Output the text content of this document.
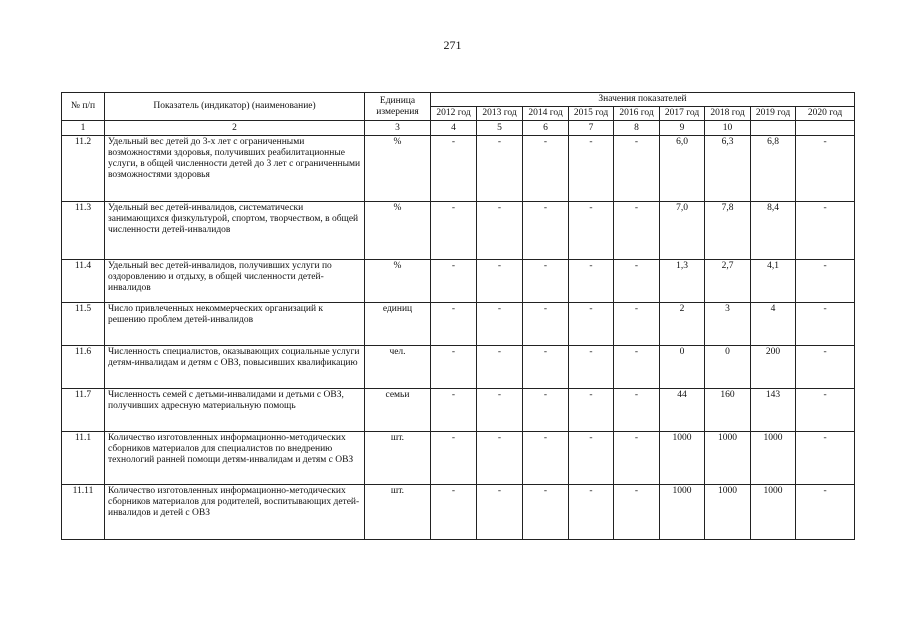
271
№ п/п	Показатель (индикатор) (наименование)	Единица измерения	Значения показателей								
			2012 год	2013 год	2014 год	2015 год	2016 год	2017 год	2018 год	2019 год	2020 год
1	2	3	4	5	6	7	8	9	10		
11.2	Удельный вес детей до 3-х лет с ограниченными возможностями здоровья, получивших реабилитационные услуги, в общей численности детей до 3 лет с ограниченными возможностями здоровья	%	-	-	-	-	-	6,0	6,3	6,8	-
11.3	Удельный вес детей-инвалидов, систематически занимающихся физкультурой, спортом, творчеством, в общей численности детей-инвалидов	%	-	-	-	-	-	7,0	7,8	8,4	-
11.4	Удельный вес детей-инвалидов, получивших услуги по оздоровлению и отдыху, в общей численности детей-инвалидов	%	-	-	-	-	-	1,3	2,7	4,1	-
11.5	Число привлеченных некоммерческих организаций к решению проблем детей-инвалидов	единиц	-	-	-	-	-	2	3	4	-
11.6	Численность специалистов, оказывающих социальные услуги детям-инвалидам и детям с ОВЗ, повысивших квалификацию	чел.	-	-	-	-	-	0	0	200	-
11.7	Численность семей с детьми-инвалидами и детьми с ОВЗ, получивших адресную материальную помощь	семьи	-	-	-	-	-	44	160	143	-
11.1	Количество изготовленных информационно-методических сборников материалов для специалистов по внедрению технологий ранней помощи детям-инвалидам и детям с ОВЗ	шт.	-	-	-	-	-	1000	1000	1000	-
11.11	Количество изготовленных информационно-методических сборников материалов для родителей, воспитывающих детей-инвалидов и детей с ОВЗ	шт.	-	-	-	-	-	1000	1000	1000	-
